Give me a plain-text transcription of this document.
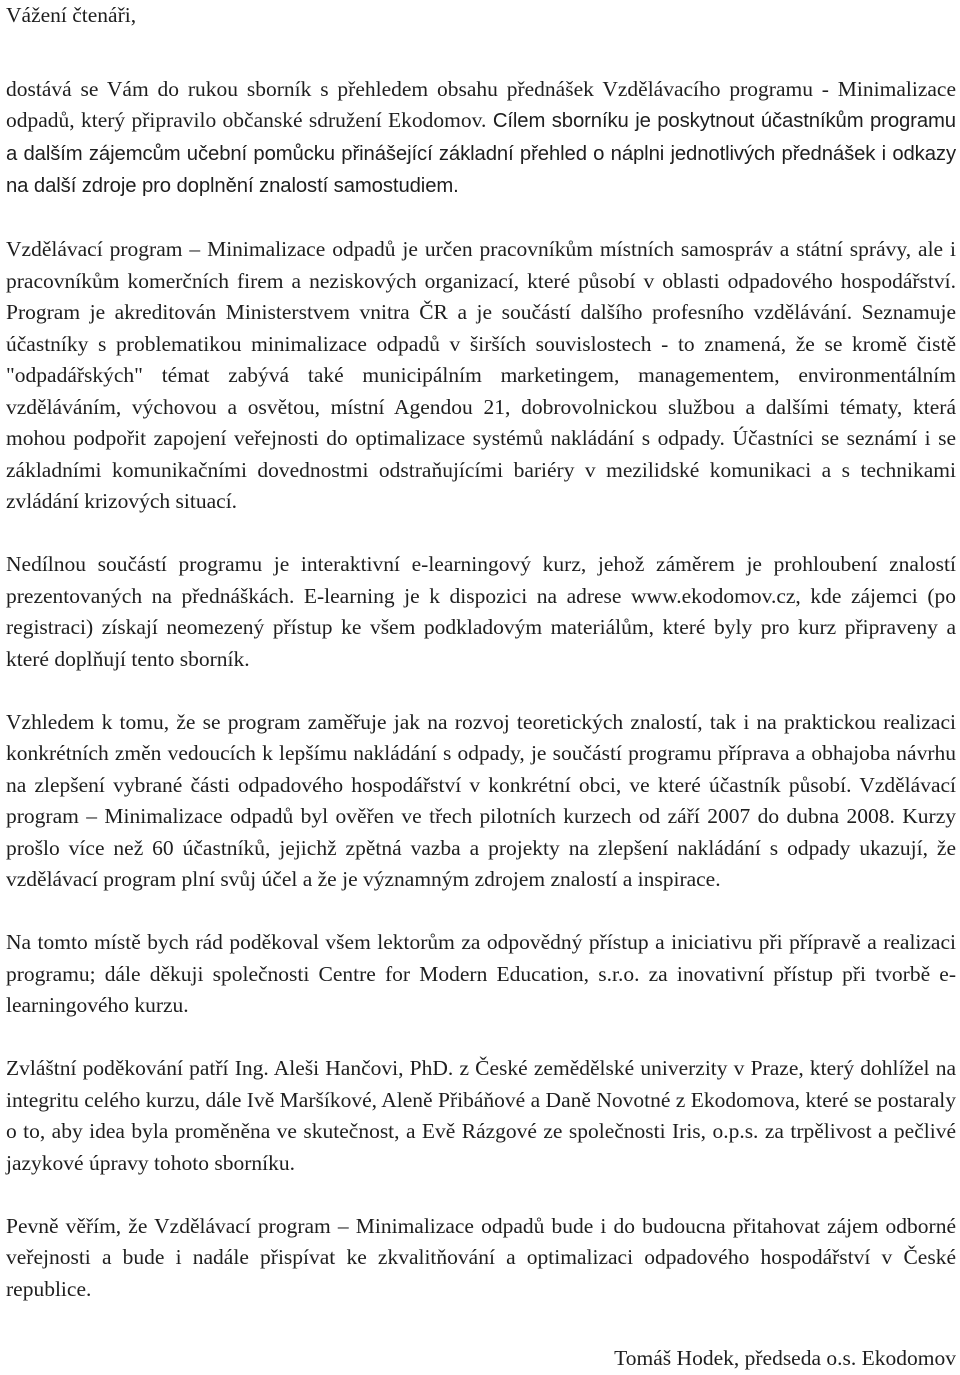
Vážení čtenáři,

dostává se Vám do rukou sborník s přehledem obsahu přednášek Vzdělávacího programu - Minimalizace odpadů, který připravilo občanské sdružení Ekodomov. Cílem sborníku je poskytnout účastníkům programu a dalším zájemcům učební pomůcku přinášející základní přehled o náplni jednotlivých přednášek i odkazy na další zdroje pro doplnění znalostí samostudiem.

Vzdělávací program – Minimalizace odpadů je určen pracovníkům místních samospráv a státní správy, ale i pracovníkům komerčních firem a neziskových organizací, které působí v oblasti odpadového hospodářství. Program je akreditován Ministerstvem vnitra ČR a je součástí dalšího profesního vzdělávání. Seznamuje účastníky s problematikou minimalizace odpadů v širších souvislostech - to znamená, že se kromě čistě "odpadářských" témat zabývá také municipálním marketingem, managementem, environmentálním vzděláváním, výchovou a osvětou, místní Agendou 21, dobrovolnickou službou a dalšími tématy, která mohou podpořit zapojení veřejnosti do optimalizace systémů nakládání s odpady. Účastníci se seznámí i se základními komunikačními dovednostmi odstraňujícími bariéry v mezilidské komunikaci a s technikami zvládání krizových situací.

Nedílnou součástí programu je interaktivní e-learningový kurz, jehož záměrem je prohloubení znalostí prezentovaných na přednáškách. E-learning je k dispozici na adrese www.ekodomov.cz, kde zájemci (po registraci) získají neomezený přístup ke všem podkladovým materiálům, které byly pro kurz připraveny a které doplňují tento sborník.

Vzhledem k tomu, že se program zaměřuje jak na rozvoj teoretických znalostí, tak i na praktickou realizaci konkrétních změn vedoucích k lepšímu nakládání s odpady, je součástí programu příprava a obhajoba návrhu na zlepšení vybrané části odpadového hospodářství v konkrétní obci, ve které účastník působí. Vzdělávací program – Minimalizace odpadů byl ověřen ve třech pilotních kurzech od září 2007 do dubna 2008. Kurzy prošlo více než 60 účastníků, jejichž zpětná vazba a projekty na zlepšení nakládání s odpady ukazují, že vzdělávací program plní svůj účel a že je významným zdrojem znalostí a inspirace.

Na tomto místě bych rád poděkoval všem lektorům za odpovědný přístup a iniciativu při přípravě a realizaci programu; dále děkuji společnosti Centre for Modern Education, s.r.o. za inovativní přístup při tvorbě e-learningového kurzu.

Zvláštní poděkování patří Ing. Aleši Hančovi, PhD. z České zemědělské univerzity v Praze, který dohlížel na integritu celého kurzu, dále Ivě Maršíkové, Aleně Přibáňové a Daně Novotné z Ekodomova, které se postaraly o to, aby idea byla proměněna ve skutečnost, a Evě Rázgové ze společnosti Iris, o.p.s. za trpělivost a pečlivé jazykové úpravy tohoto sborníku.

Pevně věřím, že Vzdělávací program – Minimalizace odpadů bude i do budoucna přitahovat zájem odborné veřejnosti a bude i nadále přispívat ke zkvalitňování a optimalizaci odpadového hospodářství v České republice.

Tomáš Hodek, předseda o.s. Ekodomov
